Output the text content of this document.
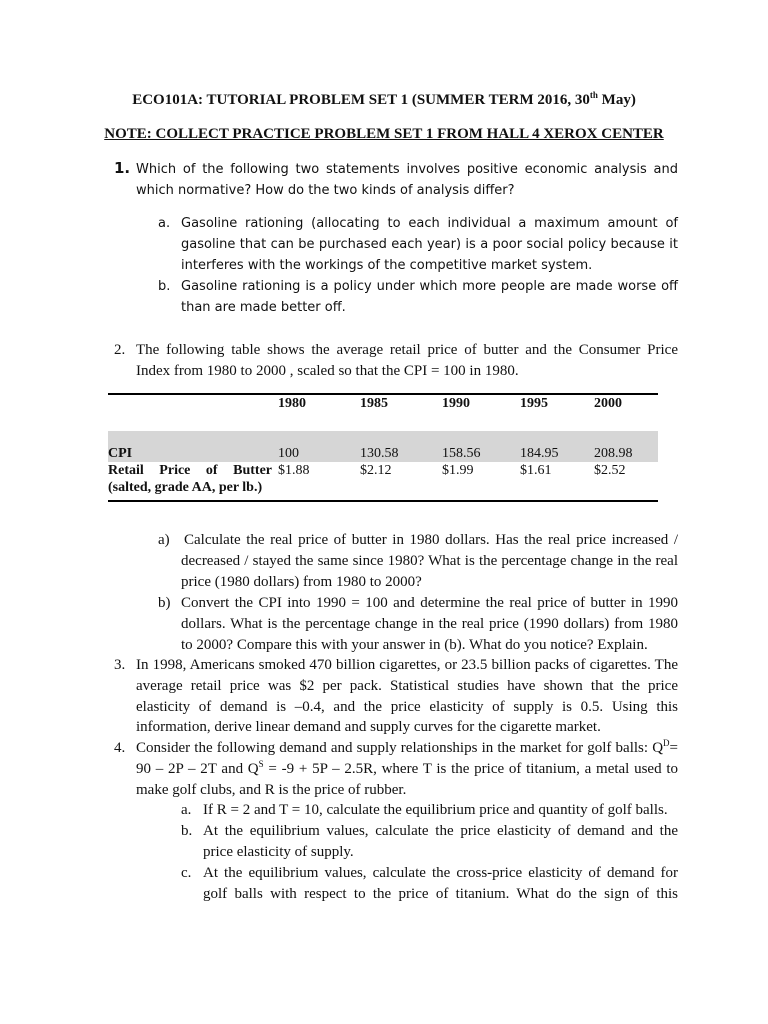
ECO101A: TUTORIAL PROBLEM SET 1 (SUMMER TERM 2016, 30th May)
NOTE: COLLECT PRACTICE PROBLEM SET 1 FROM HALL 4 XEROX CENTER
1. Which of the following two statements involves positive economic analysis and
which normative? How do the two kinds of analysis differ?
a. Gasoline rationing (allocating to each individual a maximum amount of
gasoline that can be purchased each year) is a poor social policy because it
interferes with the workings of the competitive market system.
b. Gasoline rationing is a policy under which more people are made worse off
than are made better off.
2. The following table shows the average retail price of butter and the Consumer Price
Index from 1980 to 2000 , scaled so that the CPI = 100 in 1980.
	1980	1985	1990	1995	2000
CPI	100	130.58	158.56	184.95	208.98
Retail Price of Butter (salted, grade AA, per lb.)	$1.88	$2.12	$1.99	$1.61	$2.52
a) Calculate the real price of butter in 1980 dollars. Has the real price increased /
decreased / stayed the same since 1980? What is the percentage change in the real
price (1980 dollars) from 1980 to 2000?
b) Convert the CPI into 1990 = 100 and determine the real price of butter in 1990
dollars. What is the percentage change in the real price (1990 dollars) from 1980
to 2000? Compare this with your answer in (b). What do you notice? Explain.
3. In 1998, Americans smoked 470 billion cigarettes, or 23.5 billion packs of cigarettes. The
average retail price was $2 per pack. Statistical studies have shown that the price
elasticity of demand is –0.4, and the price elasticity of supply is 0.5. Using this
information, derive linear demand and supply curves for the cigarette market.
4. Consider the following demand and supply relationships in the market for golf balls: $Q^D=$
90 – 2P – 2T and $Q^S = -9 + 5P - 2.5R$, where T is the price of titanium, a metal used to
make golf clubs, and R is the price of rubber.
a. If R = 2 and T = 10, calculate the equilibrium price and quantity of golf balls.
b. At the equilibrium values, calculate the price elasticity of demand and the
price elasticity of supply.
c. At the equilibrium values, calculate the cross-price elasticity of demand for
golf balls with respect to the price of titanium. What do the sign of this
